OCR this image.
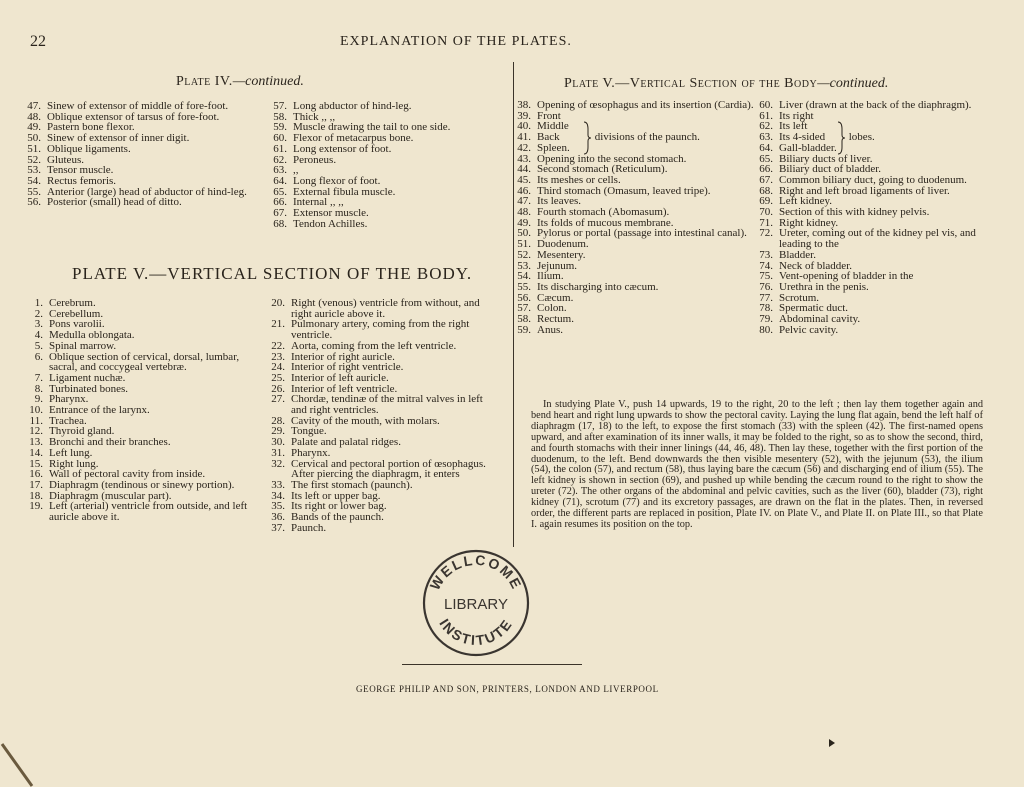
22	EXPLANATION OF THE PLATES.
Plate IV.—continued.
47. Sinew of extensor of middle of fore-foot.
48. Oblique extensor of tarsus of fore-foot.
49. Pastern bone flexor.
50. Sinew of extensor of inner digit.
51. Oblique ligaments.
52. Gluteus.
53. Tensor muscle.
54. Rectus femoris.
55. Anterior (large) head of abductor of hind-leg.
56. Posterior (small) head of ditto.
57. Long abductor of hind-leg.
58. Thick ,, ,,
59. Muscle drawing the tail to one side.
60. Flexor of metacarpus bone.
61. Long extensor of foot.
62. Peroneus.
63. ,,
64. Long flexor of foot.
65. External fibula muscle.
66. Internal ,, ,,
67. Extensor muscle.
68. Tendon Achilles.
PLATE V.—VERTICAL SECTION OF THE BODY.
1. Cerebrum.
2. Cerebellum.
3. Pons varolii.
4. Medulla oblongata.
5. Spinal marrow.
6. Oblique section of cervical, dorsal, lumbar, sacral, and coccygeal vertebræ.
7. Ligament nuchæ.
8. Turbinated bones.
9. Pharynx.
10. Entrance of the larynx.
11. Trachea.
12. Thyroid gland.
13. Bronchi and their branches.
14. Left lung.
15. Right lung.
16. Wall of pectoral cavity from inside.
17. Diaphragm (tendinous or sinewy portion).
18. Diaphragm (muscular part).
19. Left (arterial) ventricle from outside, and left auricle above it.
20. Right (venous) ventricle from without, and right auricle above it.
21. Pulmonary artery, coming from the right ventricle.
22. Aorta, coming from the left ventricle.
23. Interior of right auricle.
24. Interior of right ventricle.
25. Interior of left auricle.
26. Interior of left ventricle.
27. Chordæ, tendinæ of the mitral valves in left and right ventricles.
28. Cavity of the mouth, with molars.
29. Tongue.
30. Palate and palatal ridges.
31. Pharynx.
32. Cervical and pectoral portion of œsophagus. After piercing the diaphragm, it enters
33. The first stomach (paunch).
34. Its left or upper bag.
35. Its right or lower bag.
36. Bands of the paunch.
37. Paunch.
Plate V.—Vertical Section of the Body—continued.
38. Opening of œsophagus and its insertion (Cardia).
39. Front
40. Middle
41. Back
42. Spleen.
43. Opening into the second stomach.
44. Second stomach (Reticulum).
45. Its meshes or cells.
46. Third stomach (Omasum, leaved tripe).
47. Its leaves.
48. Fourth stomach (Abomasum).
49. Its folds of mucous membrane.
50. Pylorus or portal (passage into intestinal canal).
51. Duodenum.
52. Mesentery.
53. Jejunum.
54. Ilium.
55. Its discharging into cæcum.
56. Cæcum.
57. Colon.
58. Rectum.
59. Anus.
60. Liver (drawn at the back of the diaphragm).
61. Its right
62. Its left
63. Its 4-sided
64. Gall-bladder.
65. Biliary ducts of liver.
66. Biliary duct of bladder.
67. Common biliary duct, going to duodenum.
68. Right and left broad ligaments of liver.
69. Left kidney.
70. Section of this with kidney pelvis.
71. Right kidney.
72. Ureter, coming out of the kidney pel vis, and leading to the
73. Bladder.
74. Neck of bladder.
75. Vent-opening of bladder in the
76. Urethra in the penis.
77. Scrotum.
78. Spermatic duct.
79. Abdominal cavity.
80. Pelvic cavity.
divisions of the paunch.	lobes.

In studying Plate V., push 14 upwards, 19 to the right, 20 to the left ; then lay them together again and bend heart and right lung upwards to show the pectoral cavity. Laying the lung flat again, bend the left half of diaphragm (17, 18) to the left, to expose the first stomach (33) with the spleen (42). The first-named opens upward, and after examination of its inner walls, it may be folded to the right, so as to show the second, third, and fourth stomachs with their inner linings (44, 46, 48). Then lay these, together with the first portion of the duodenum, to the left. Bend downwards the then visible mesentery (52), with the jejunum (53), the ilium (54), the colon (57), and rectum (58), thus laying bare the cæcum (56) and discharging end of ilium (55). The left kidney is shown in section (69), and pushed up while bending the cæcum round to the right to show the ureter (72). The other organs of the abdominal and pelvic cavities, such as the liver (60), bladder (73), right kidney (71), scrotum (77) and its excretory passages, are drawn on the flat in the plates. Then, in reversed order, the different parts are replaced in position, Plate IV. on Plate V., and Plate II. on Plate III., so that Plate I. again resumes its position on the top.

WELLCOME
LIBRARY
INSTITUTE
GEORGE PHILIP AND SON, PRINTERS, LONDON AND LIVERPOOL
